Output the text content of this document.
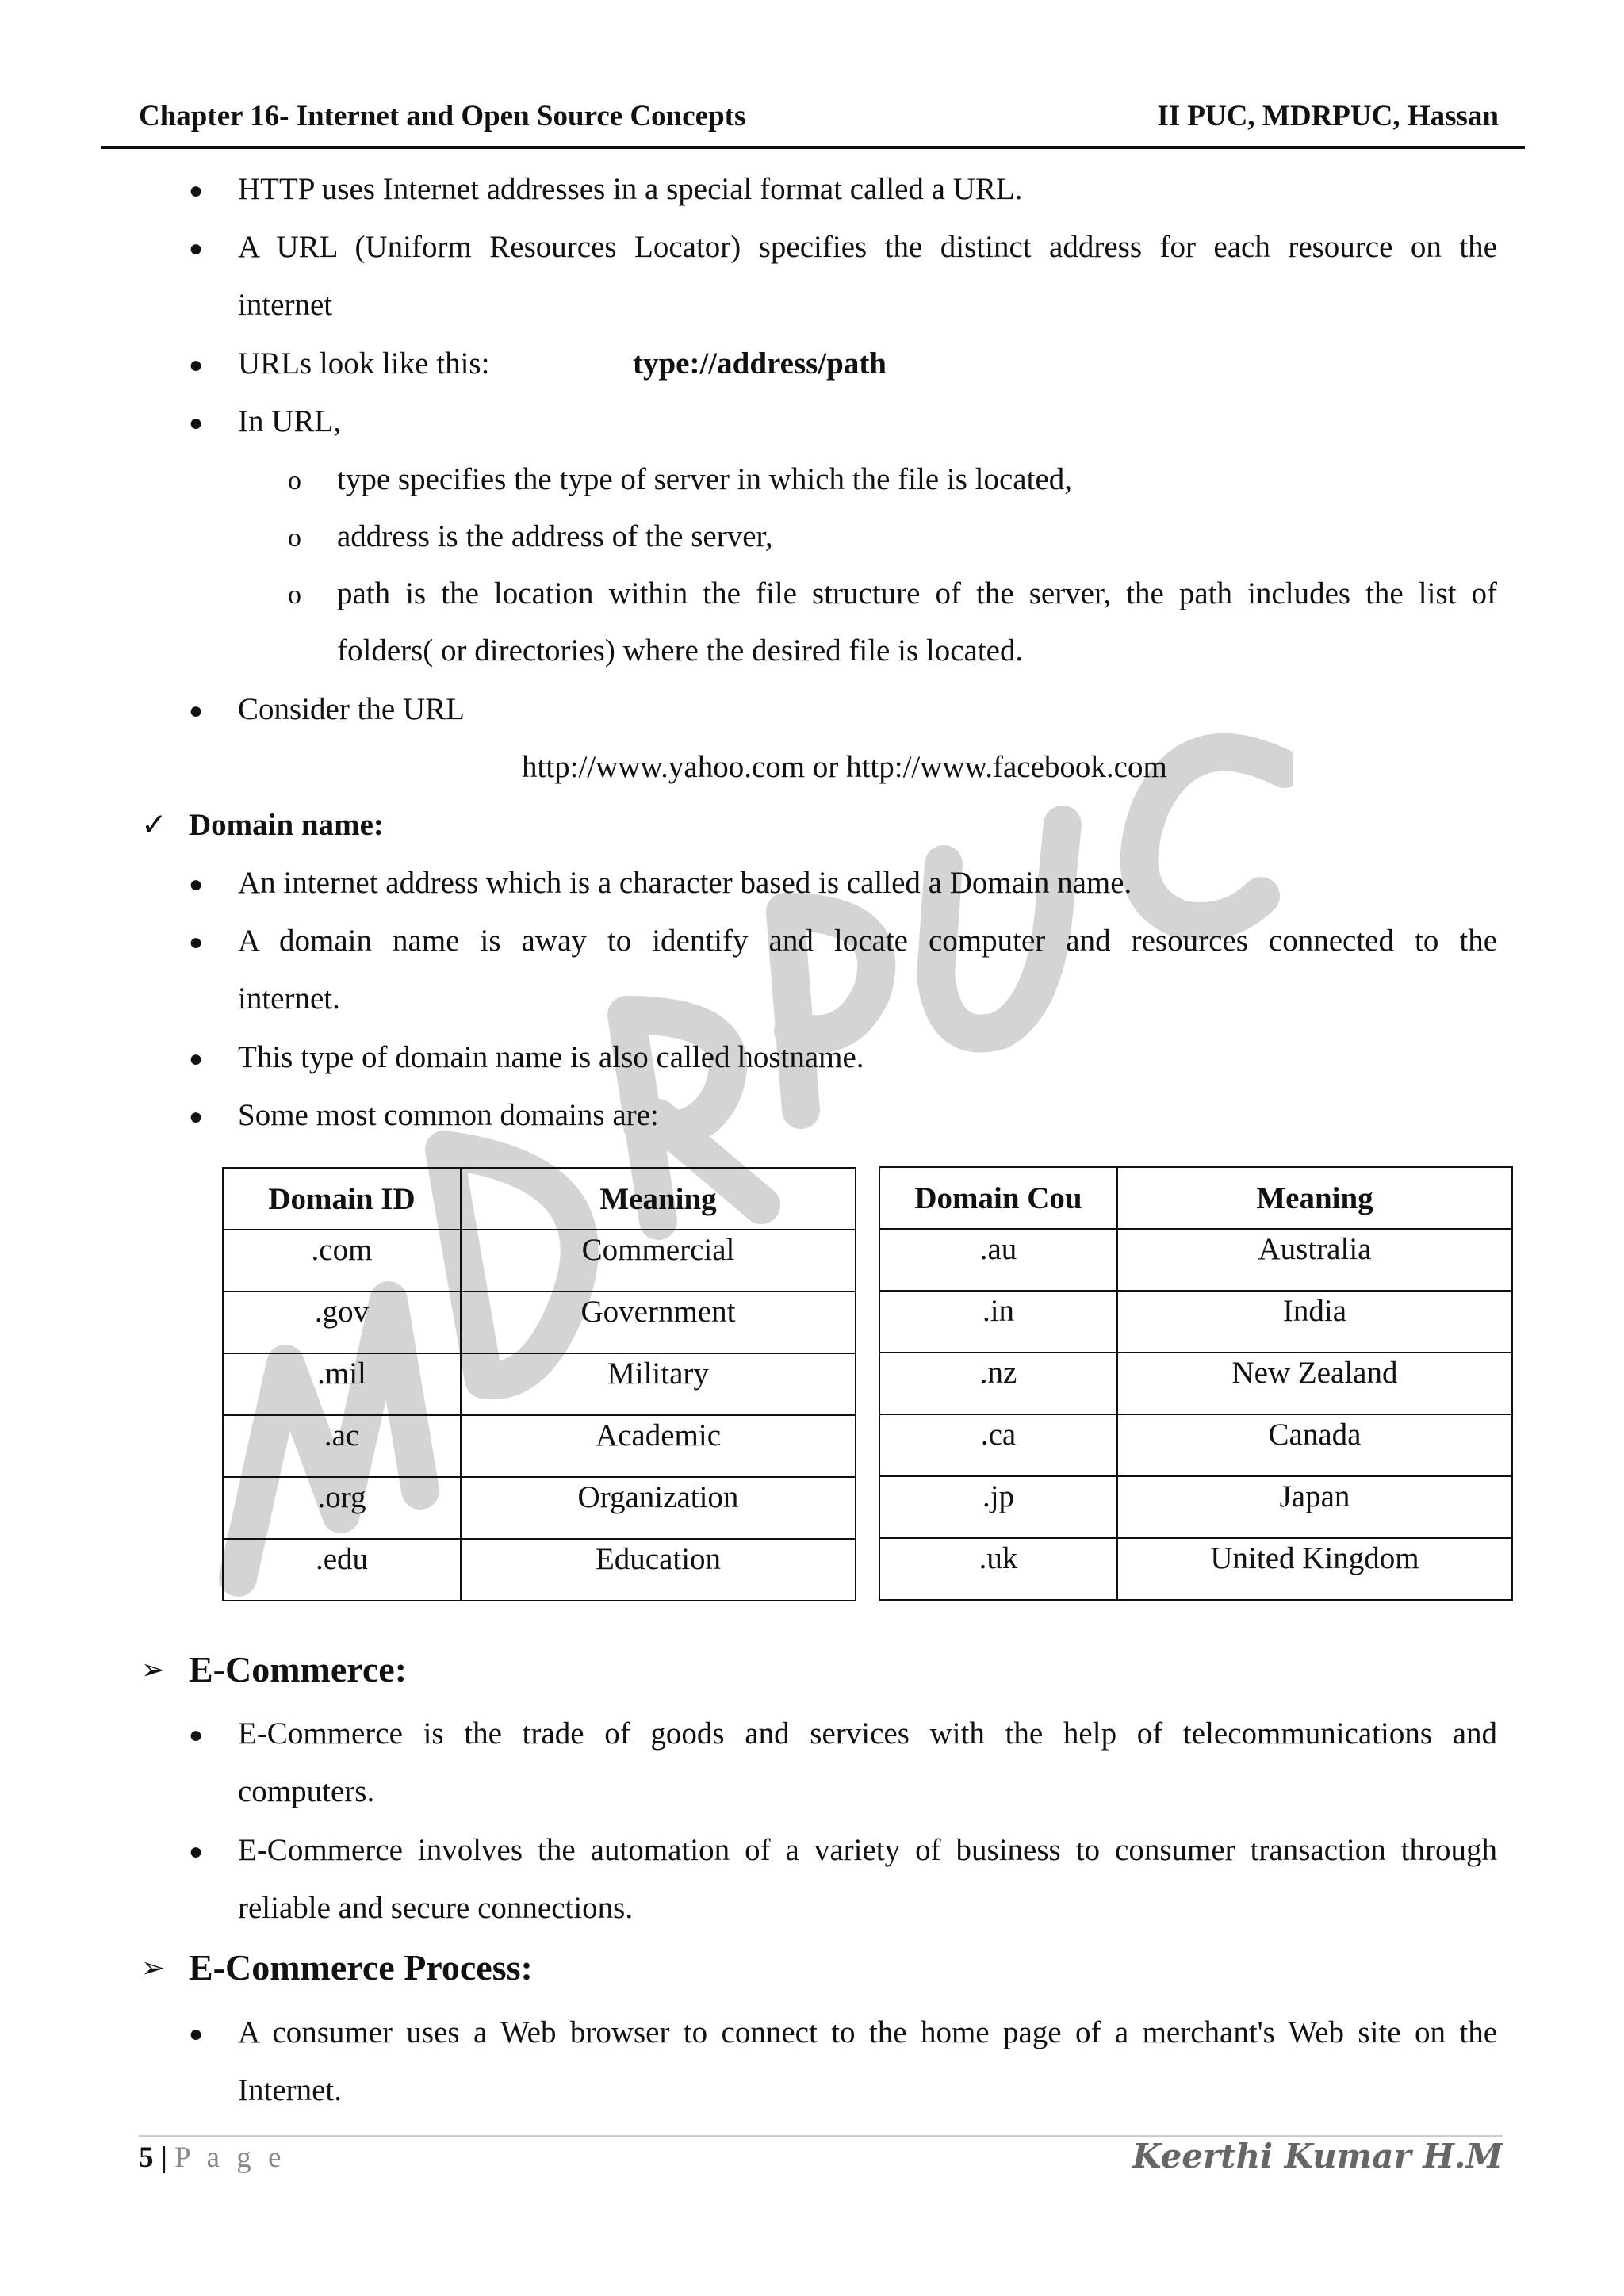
Chapter 16- Internet and Open Source Concepts	II PUC, MDRPUC, Hassan
● HTTP uses Internet addresses in a special format called a URL.
● A URL (Uniform Resources Locator) specifies the distinct address for each resource on the
internet
● URLs look like this:	type://address/path
● In URL,
o type specifies the type of server in which the file is located,
o address is the address of the server,
o path is the location within the file structure of the server, the path includes the list of
folders( or directories) where the desired file is located.
● Consider the URL
http://www.yahoo.com or http://www.facebook.com
✓ Domain name:
● An internet address which is a character based is called a Domain name.
● A domain name is away to identify and locate computer and resources connected to the
internet.
● This type of domain name is also called hostname.
● Some most common domains are:
Domain ID	Meaning
.com	Commercial
.gov	Government
.mil	Military
.ac	Academic
.org	Organization
.edu	Education
Domain Cou	Meaning
.au	Australia
.in	India
.nz	New Zealand
.ca	Canada
.jp	Japan
.uk	United Kingdom
➢ E-Commerce:
● E-Commerce is the trade of goods and services with the help of telecommunications and
computers.
● E-Commerce involves the automation of a variety of business to consumer transaction through
reliable and secure connections.
➢ E-Commerce Process:
● A consumer uses a Web browser to connect to the home page of a merchant's Web site on the
Internet.
5 | P a g e	Keerthi Kumar H.M
